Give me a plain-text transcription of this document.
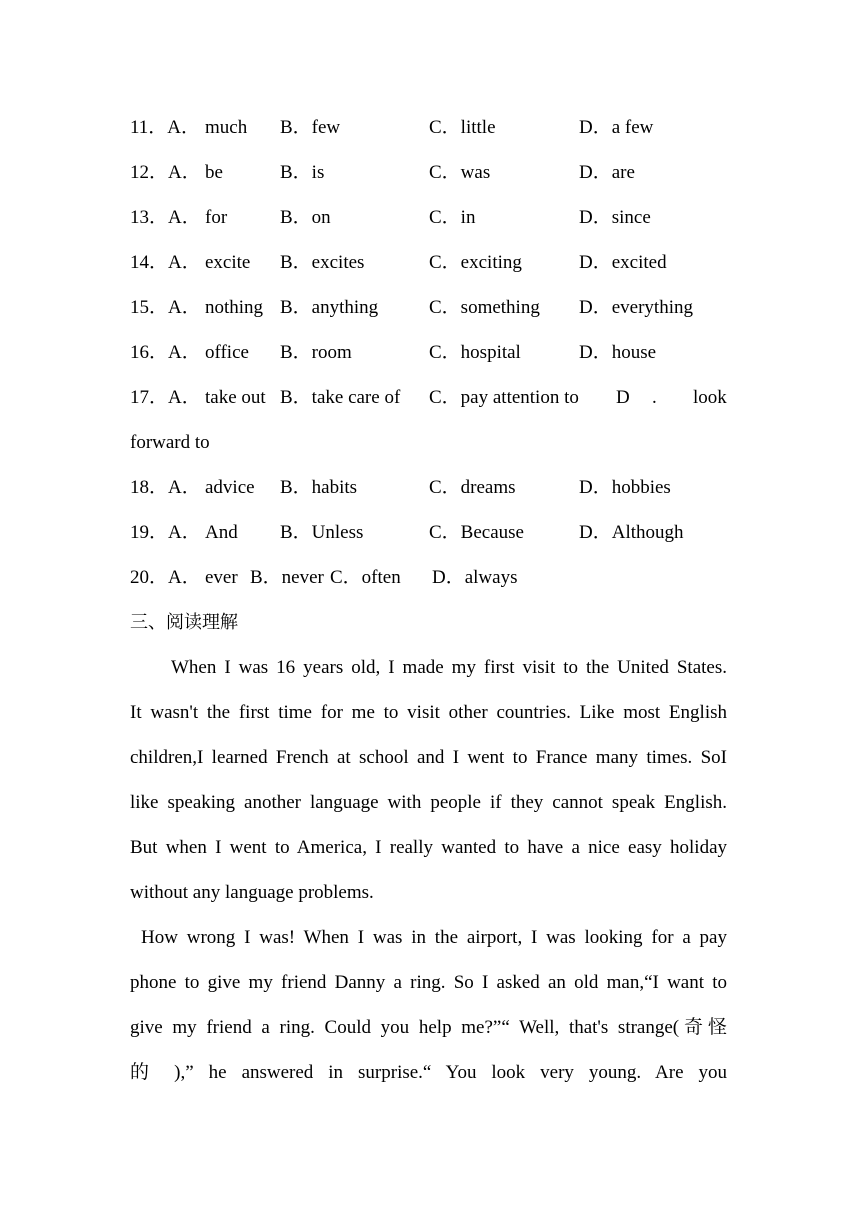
11．A． much B．few	C．little	D．a few
12．A． be	B．is	C．was	D．are
13．A． for	B．on	C．in	D．since
14．A． excite B．excites	C．exciting	D．excited
15．A． nothing B．anything	C．something D．everything
16．A． office B．room	C．hospital	D．house
17．A． take out B．take care of C．pay attention to D . look
forward to
18．A． advice B．habits	C．dreams	D．hobbies
19．A． And B．Unless	C．Because	D．Although
20．A． ever B．never C．often D．always
三、阅读理解
When I was 16 years old, I made my first visit to the United States.
It wasn't the first time for me to visit other countries. Like most English
children,I learned French at school and I went to France many times. SoI
like speaking another language with people if they cannot speak English.
But when I went to America, I really wanted to have a nice easy holiday
without any language problems.
How wrong I was! When I was in the airport, I was looking for a pay
phone to give my friend Danny a ring. So I asked an old man,“I want to
give my friend a ring. Could you help me?”“ Well, that's strange(奇怪
的 ),” he answered in surprise.“ You look very young. Are you
